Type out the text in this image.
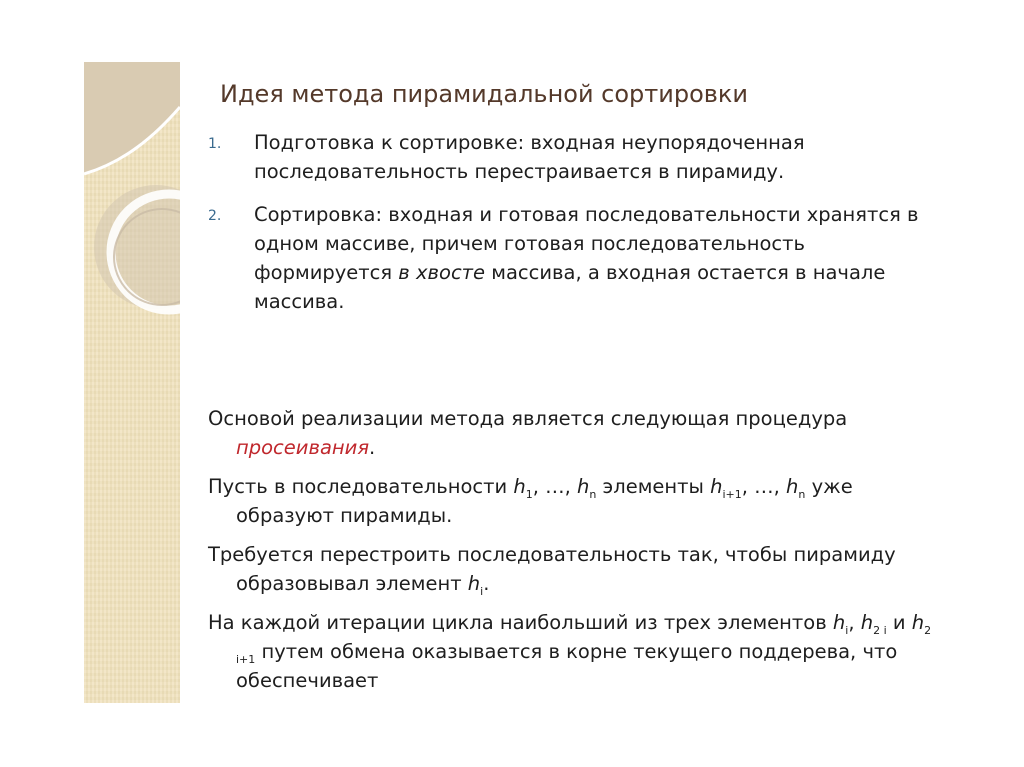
Идея метода пирамидальной сортировки
1. Подготовка к сортировке: входная неупорядоченная последовательность перестраивается в пирамиду.
2. Сортировка: входная и готовая последовательности хранятся в одном массиве, причем готовая последовательность формируется в хвосте массива, а входная остается в начале массива.

Основой реализации метода является следующая процедура просеивания.

Пусть в последовательности $h_1$, …, $h_n$ элементы $h_{i+1}$, …, $h_n$ уже образуют пирамиды.

Требуется перестроить последовательность так, чтобы пирамиду образовывал элемент $h_i$.

На каждой итерации цикла наибольший из трех элементов $h_i$, $h_{2 i}$ и $h_{2 i+1}$ путем обмена оказывается в корне текущего поддерева, что обеспечивает
